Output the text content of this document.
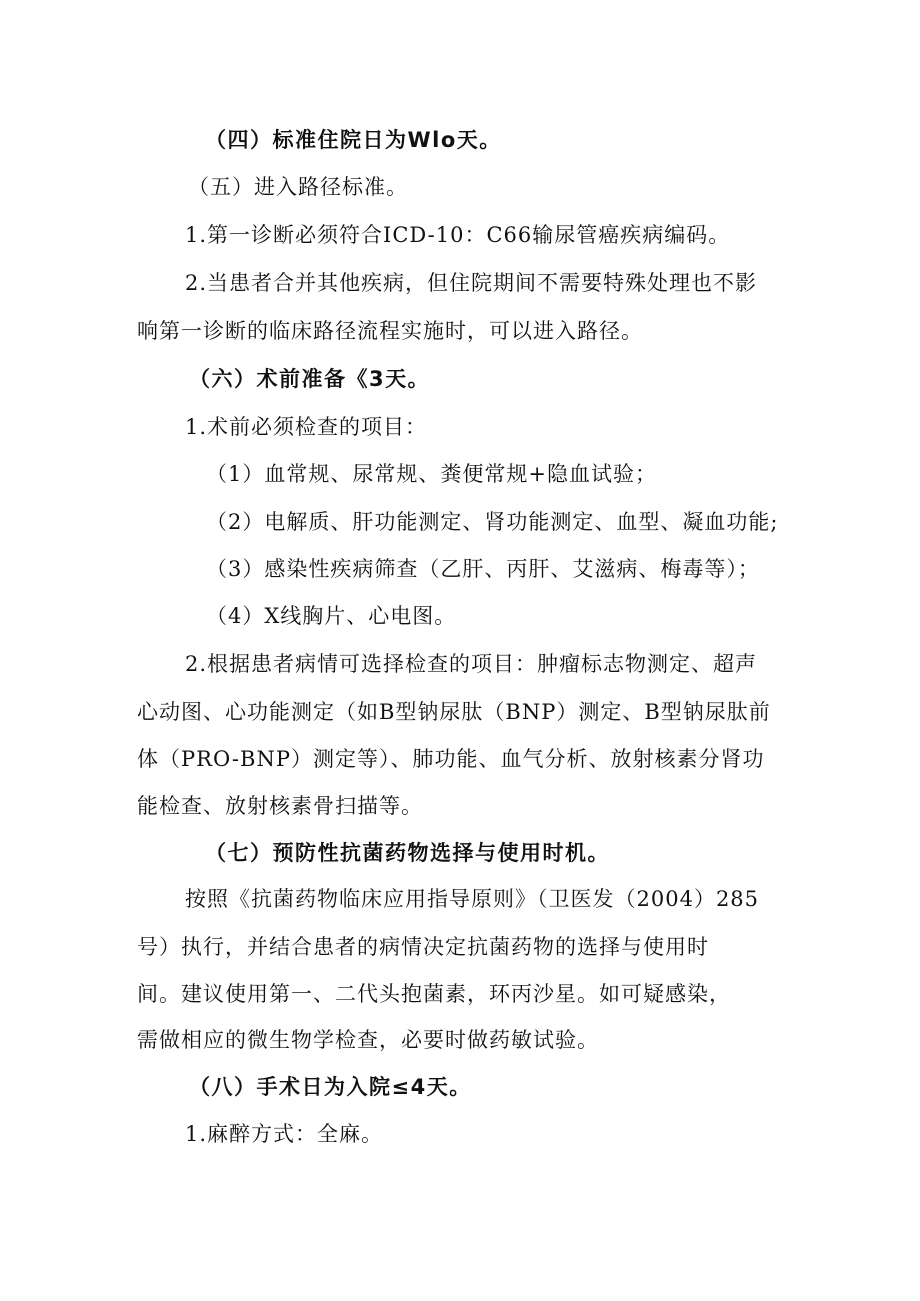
（四）标准住院日为Wlo天。
（五）进入路径标准。
1.第一诊断必须符合ICD-10：C66输尿管癌疾病编码。
2.当患者合并其他疾病，但住院期间不需要特殊处理也不影
响第一诊断的临床路径流程实施时，可以进入路径。
（六）术前准备《3天。
1.术前必须检查的项目：
（1）血常规、尿常规、粪便常规+隐血试验；
（2）电解质、肝功能测定、肾功能测定、血型、凝血功能;
（3）感染性疾病筛查（乙肝、丙肝、艾滋病、梅毒等）；
（4）X线胸片、心电图。
2.根据患者病情可选择检查的项目：肿瘤标志物测定、超声
心动图、心功能测定（如B型钠尿肽（BNP）测定、B型钠尿肽前
体（PRO-BNP）测定等）、肺功能、血气分析、放射核素分肾功
能检查、放射核素骨扫描等。
（七）预防性抗菌药物选择与使用时机。
按照《抗菌药物临床应用指导原则》（卫医发（2004）285
号）执行，并结合患者的病情决定抗菌药物的选择与使用时
间。建议使用第一、二代头抱菌素，环丙沙星。如可疑感染，
需做相应的微生物学检查，必要时做药敏试验。
（八）手术日为入院≤4天。
1.麻醉方式：全麻。
